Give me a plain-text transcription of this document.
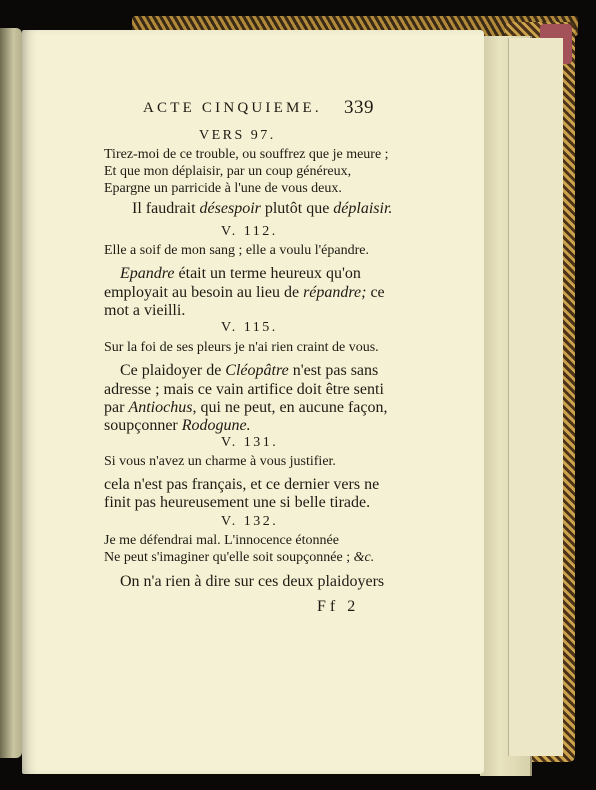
ACTE CINQUIEME. 339
VERS 97.
Tirez-moi de ce trouble, ou souffrez que je meure ;
Et que mon déplaisir, par un coup généreux,
Epargne un parricide à l'une de vous deux.
Il faudrait désespoir plutôt que déplaisir.
V. 112.
Elle a soif de mon sang ; elle a voulu l'épandre.
Epandre était un terme heureux qu'on
employait au besoin au lieu de répandre; ce
mot a vieilli.
V. 115.
Sur la foi de ses pleurs je n'ai rien craint de vous.
Ce plaidoyer de Cléopâtre n'est pas sans
adresse ; mais ce vain artifice doit être senti
par Antiochus, qui ne peut, en aucune façon,
soupçonner Rodogune.
V. 131.
Si vous n'avez un charme à vous justifier.
cela n'est pas français, et ce dernier vers ne
finit pas heureusement une si belle tirade.
V. 132.
Je me défendrai mal. L'innocence étonnée
Ne peut s'imaginer qu'elle soit soupçonnée ; &c.
On n'a rien à dire sur ces deux plaidoyers
Ff 2
